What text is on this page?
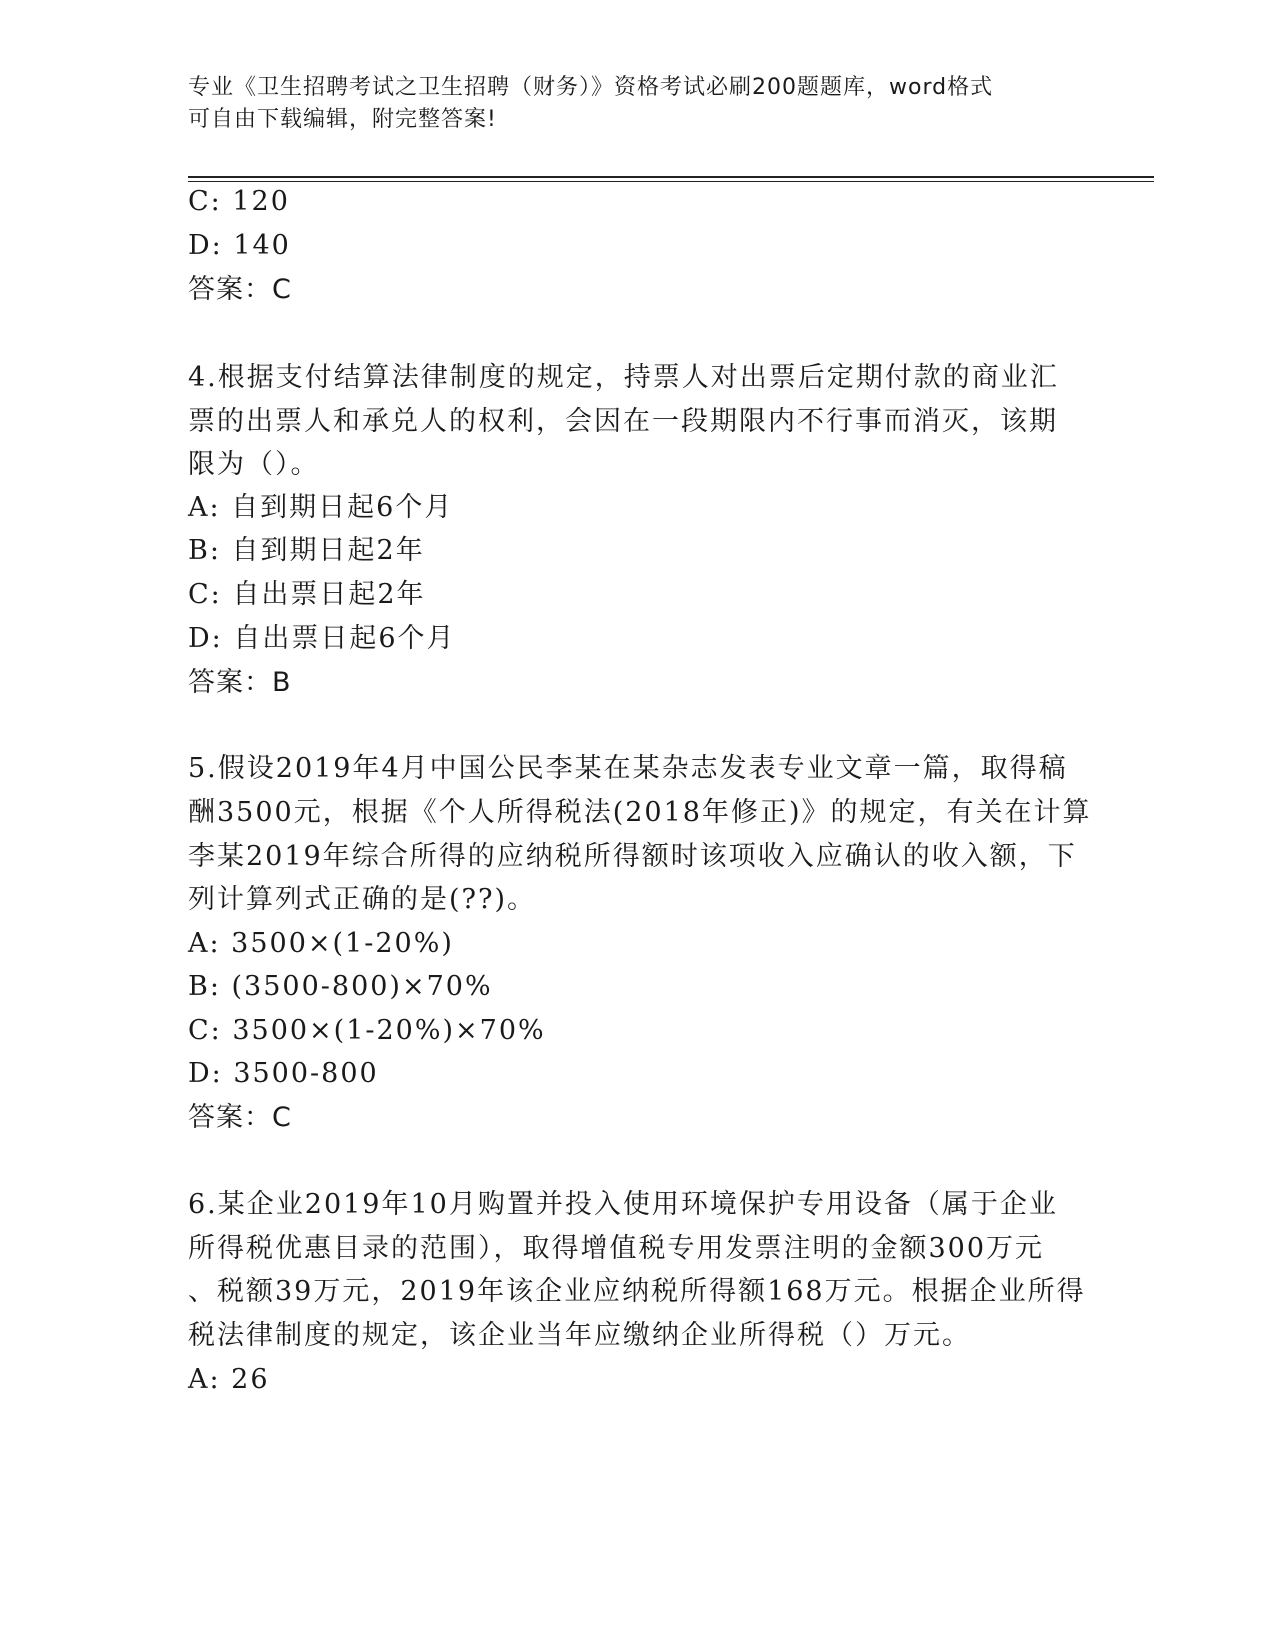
专业《卫生招聘考试之卫生招聘（财务）》资格考试必刷200题题库，word格式
可自由下载编辑，附完整答案!
C: 120
D: 140
答案：C
4.根据支付结算法律制度的规定，持票人对出票后定期付款的商业汇
票的出票人和承兑人的权利，会因在一段期限内不行事而消灭，该期
限为（）。
A: 自到期日起6个月
B: 自到期日起2年
C: 自出票日起2年
D: 自出票日起6个月
答案：B
5.假设2019年4月中国公民李某在某杂志发表专业文章一篇，取得稿
酬3500元，根据《个人所得税法(2018年修正)》的规定，有关在计算
李某2019年综合所得的应纳税所得额时该项收入应确认的收入额，下
列计算列式正确的是(??)。
A: 3500×(1-20%)
B: (3500-800)×70%
C: 3500×(1-20%)×70%
D: 3500-800
答案：C
6.某企业2019年10月购置并投入使用环境保护专用设备（属于企业
所得税优惠目录的范围），取得增值税专用发票注明的金额300万元
、税额39万元，2019年该企业应纳税所得额168万元。根据企业所得
税法律制度的规定，该企业当年应缴纳企业所得税（）万元。
A: 26
